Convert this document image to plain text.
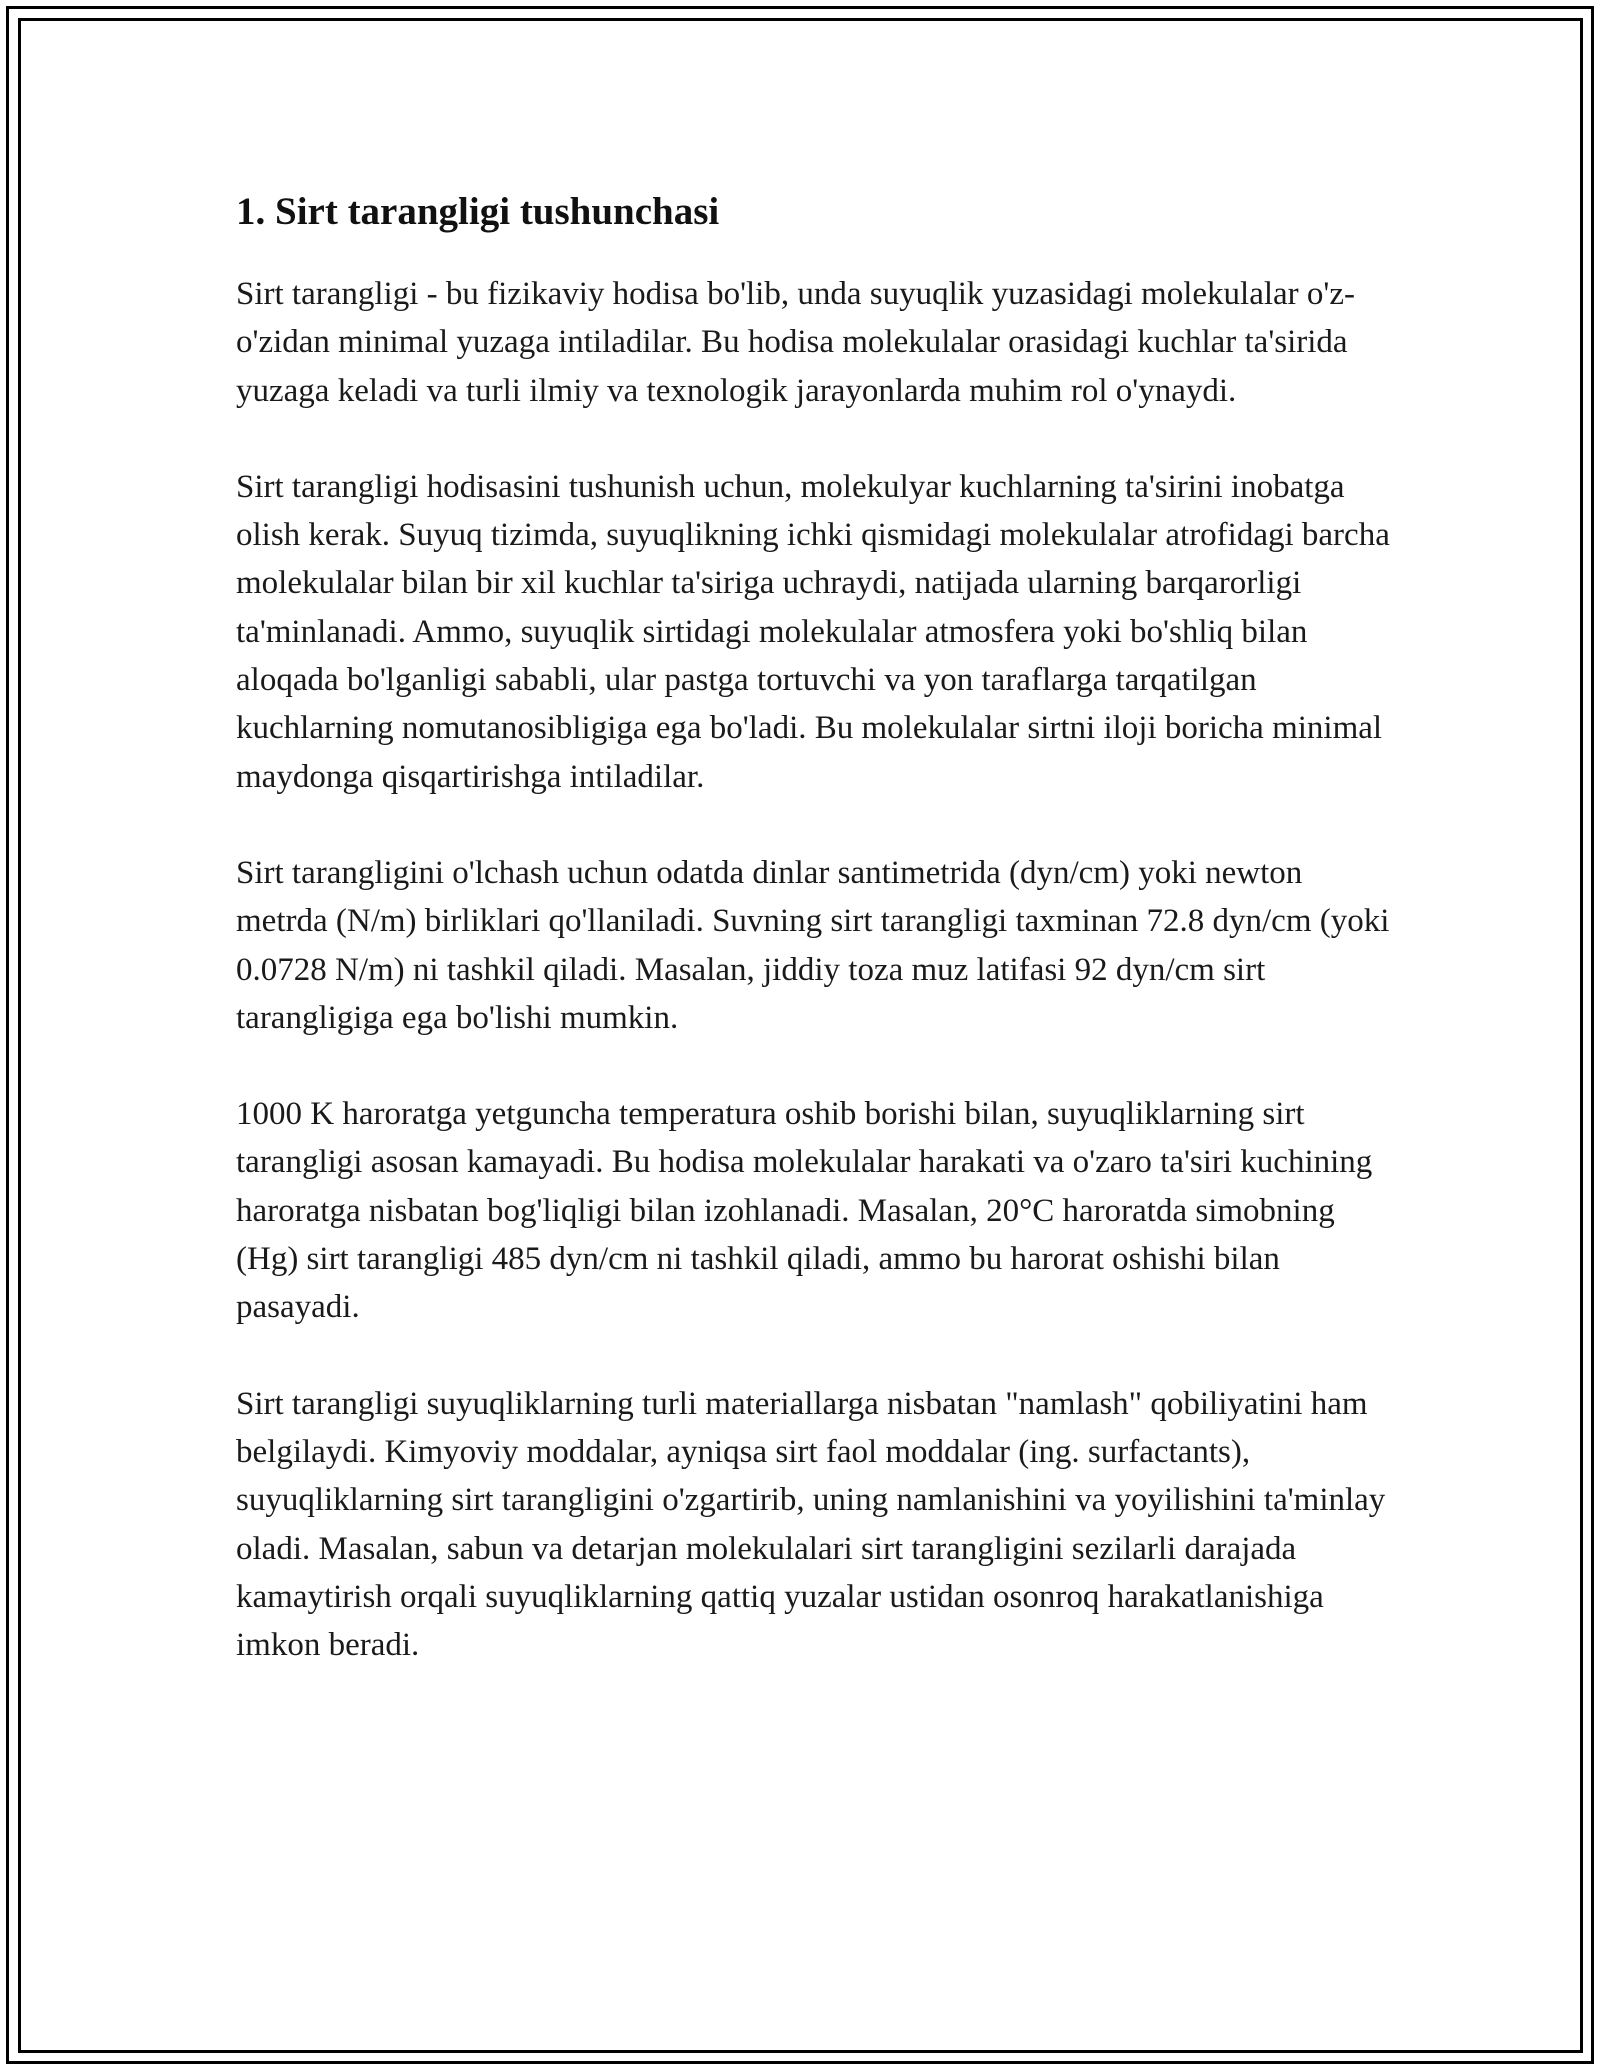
1. Sirt tarangligi tushunchasi

Sirt tarangligi - bu fizikaviy hodisa bo'lib, unda suyuqlik yuzasidagi molekulalar o'z-o'zidan minimal yuzaga intiladilar. Bu hodisa molekulalar orasidagi kuchlar ta'sirida yuzaga keladi va turli ilmiy va texnologik jarayonlarda muhim rol o'ynaydi.

Sirt tarangligi hodisasini tushunish uchun, molekulyar kuchlarning ta'sirini inobatga olish kerak. Suyuq tizimda, suyuqlikning ichki qismidagi molekulalar atrofidagi barcha molekulalar bilan bir xil kuchlar ta'siriga uchraydi, natijada ularning barqarorligi ta'minlanadi. Ammo, suyuqlik sirtidagi molekulalar atmosfera yoki bo'shliq bilan aloqada bo'lganligi sababli, ular pastga tortuvchi va yon taraflarga tarqatilgan kuchlarning nomutanosibligiga ega bo'ladi. Bu molekulalar sirtni iloji boricha minimal maydonga qisqartirishga intiladilar.

Sirt tarangligini o'lchash uchun odatda dinlar santimetrida (dyn/cm) yoki newton metrda (N/m) birliklari qo'llaniladi. Suvning sirt tarangligi taxminan 72.8 dyn/cm (yoki 0.0728 N/m) ni tashkil qiladi. Masalan, jiddiy toza muz latifasi 92 dyn/cm sirt tarangligiga ega bo'lishi mumkin.

1000 K haroratga yetguncha temperatura oshib borishi bilan, suyuqliklarning sirt tarangligi asosan kamayadi. Bu hodisa molekulalar harakati va o'zaro ta'siri kuchining haroratga nisbatan bog'liqligi bilan izohlanadi. Masalan, 20°C haroratda simobning (Hg) sirt tarangligi 485 dyn/cm ni tashkil qiladi, ammo bu harorat oshishi bilan pasayadi.

Sirt tarangligi suyuqliklarning turli materiallarga nisbatan "namlash" qobiliyatini ham belgilaydi. Kimyoviy moddalar, ayniqsa sirt faol moddalar (ing. surfactants), suyuqliklarning sirt tarangligini o'zgartirib, uning namlanishini va yoyilishini ta'minlay oladi. Masalan, sabun va detarjan molekulalari sirt tarangligini sezilarli darajada kamaytirish orqali suyuqliklarning qattiq yuzalar ustidan osonroq harakatlanishiga imkon beradi.
